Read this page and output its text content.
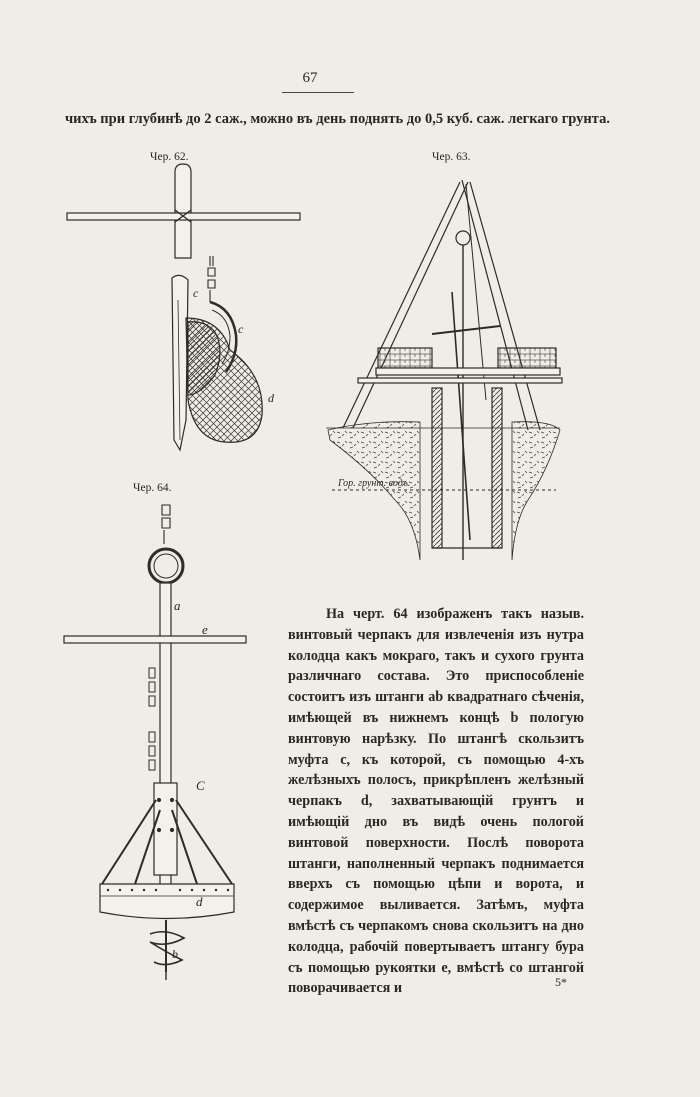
67
чихъ при глубинѣ до 2 саж., можно въ день поднять до 0,5 куб. саж. легкаго грунта.
Чер. 62.	Чер. 63.
Чер. 64.
c
c
d
Гор. грунт. водъ.
a
e
C
d
b

На черт. 64 изображенъ такъ назыв. винтовый черпакъ для извлеченія изъ нутра колодца какъ мокраго, такъ и сухого грунта различнаго состава. Это приспособленіе состоитъ изъ штанги ab квадратнаго сѣченія, имѣющей въ нижнемъ концѣ b пологую винтовую нарѣзку. По штангѣ скользитъ муфта c, къ которой, съ помощью 4-хъ желѣзныхъ полосъ, прикрѣпленъ желѣзный черпакъ d, захватывающій грунтъ и имѣющій дно въ видѣ очень пологой винтовой поверхности. Послѣ поворота штанги, наполненный черпакъ поднимается вверхъ съ помощью цѣпи и ворота, и содержимое выливается. Затѣмъ, муфта вмѣстѣ съ черпакомъ снова скользитъ на дно колодца, рабочій повертываетъ штангу бура съ помощью рукоятки e, вмѣстѣ со штангой поворачивается и	5*
